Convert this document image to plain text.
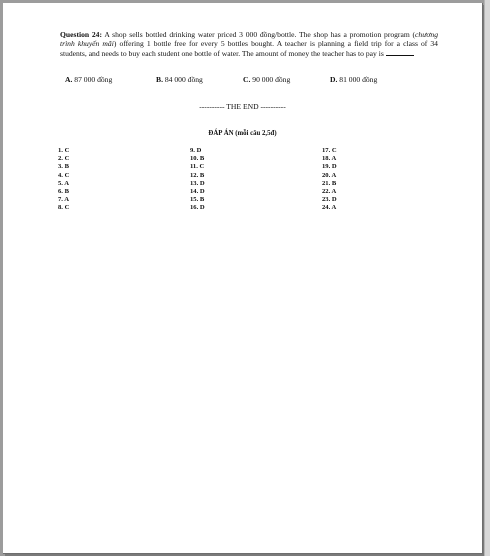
Question 24: A shop sells bottled drinking water priced 3 000 đồng/bottle. The shop has a promotion program (chương trình khuyến mãi) offering 1 bottle free for every 5 bottles bought. A teacher is planning a field trip for a class of 34 students, and needs to buy each student one bottle of water. The amount of money the teacher has to pay is
A. 87 000 đồng	B. 84 000 đồng	C. 90 000 đồng	D. 81 000 đồng
---------- THE END ----------
ĐÁP ÁN (mỗi câu 2,5đ)
1. C
2. C
3. B
4. C
5. A
6. B
7. A
8. C
9. D
10. B
11. C
12. B
13. D
14. D
15. B
16. D
17. C
18. A
19. D
20. A
21. B
22. A
23. D
24. A
